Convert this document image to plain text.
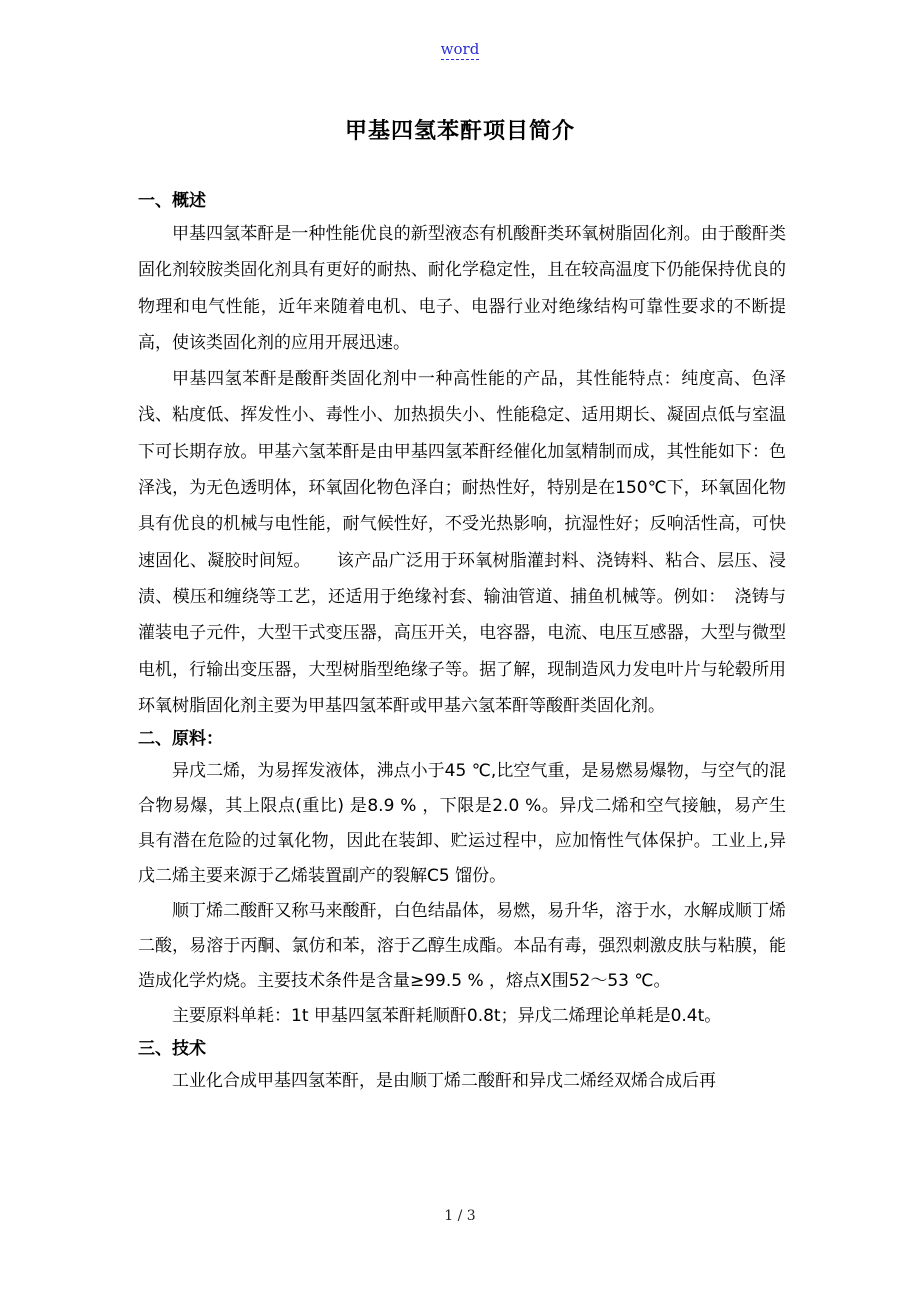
word
甲基四氢苯酐项目简介

一、概述

甲基四氢苯酐是一种性能优良的新型液态有机酸酐类环氧树脂固化剂。由于酸酐类固化剂较胺类固化剂具有更好的耐热、耐化学稳定性，且在较高温度下仍能保持优良的物理和电气性能，近年来随着电机、电子、电器行业对绝缘结构可靠性要求的不断提高，使该类固化剂的应用开展迅速。

甲基四氢苯酐是酸酐类固化剂中一种高性能的产品，其性能特点：纯度高、色泽浅、粘度低、挥发性小、毒性小、加热损失小、性能稳定、适用期长、凝固点低与室温下可长期存放。甲基六氢苯酐是由甲基四氢苯酐经催化加氢精制而成，其性能如下：色泽浅，为无色透明体，环氧固化物色泽白；耐热性好，特别是在150℃下，环氧固化物具有优良的机械与电性能，耐气候性好，不受光热影响，抗湿性好；反响活性高，可快速固化、凝胶时间短。　　该产品广泛用于环氧树脂灌封料、浇铸料、粘合、层压、浸渍、模压和缠绕等工艺，还适用于绝缘衬套、输油管道、捕鱼机械等。例如：　浇铸与灌装电子元件，大型干式变压器，高压开关，电容器，电流、电压互感器，大型与微型电机，行输出变压器，大型树脂型绝缘子等。据了解，现制造风力发电叶片与轮毂所用环氧树脂固化剂主要为甲基四氢苯酐或甲基六氢苯酐等酸酐类固化剂。

二、原料：

异戊二烯，为易挥发液体，沸点小于45 ℃,比空气重，是易燃易爆物，与空气的混合物易爆，其上限点(重比) 是8.9 % ，下限是2.0 %。异戊二烯和空气接触，易产生具有潜在危险的过氧化物，因此在装卸、贮运过程中，应加惰性气体保护。工业上,异戊二烯主要来源于乙烯装置副产的裂解C5 馏份。

顺丁烯二酸酐又称马来酸酐，白色结晶体，易燃，易升华，溶于水，水解成顺丁烯二酸，易溶于丙酮、氯仿和苯，溶于乙醇生成酯。本品有毒，强烈刺激皮肤与粘膜，能造成化学灼烧。主要技术条件是含量≥99.5 % ，熔点X围52～53 ℃。

主要原料单耗：1t 甲基四氢苯酐耗顺酐0.8t；异戊二烯理论单耗是0.4t。

三、技术

工业化合成甲基四氢苯酐，是由顺丁烯二酸酐和异戊二烯经双烯合成后再

1 / 3
